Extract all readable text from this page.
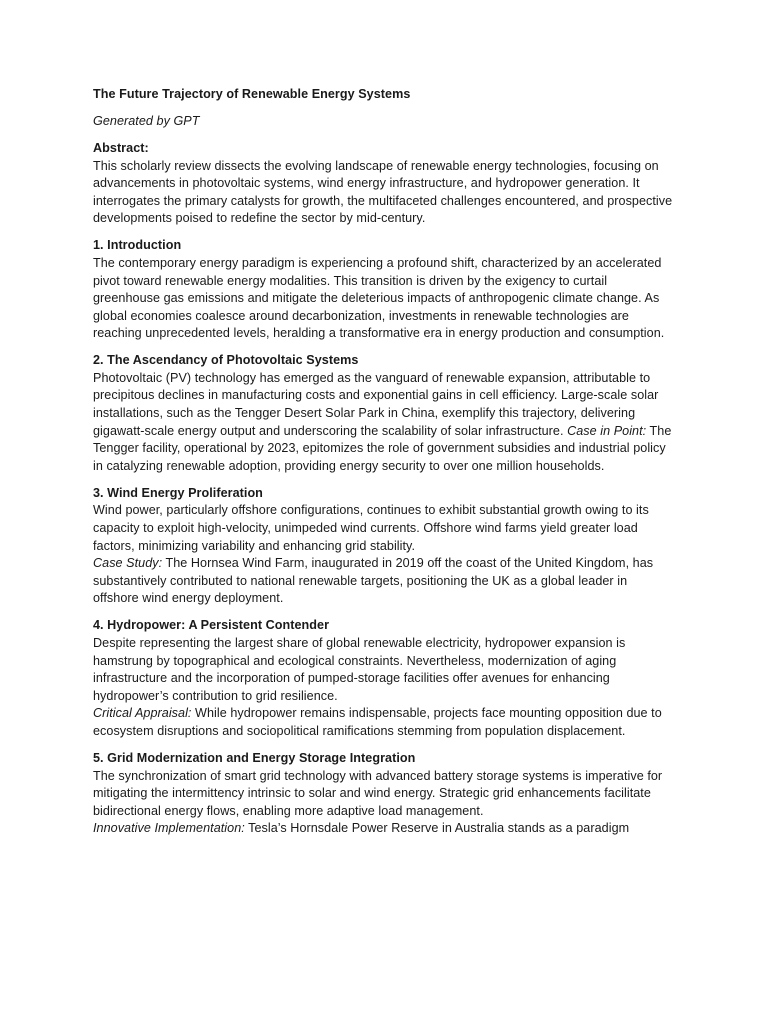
The Future Trajectory of Renewable Energy Systems
Generated by GPT
Abstract:

This scholarly review dissects the evolving landscape of renewable energy technologies, focusing on advancements in photovoltaic systems, wind energy infrastructure, and hydropower generation. It interrogates the primary catalysts for growth, the multifaceted challenges encountered, and prospective developments poised to redefine the sector by mid-century.

1. Introduction

The contemporary energy paradigm is experiencing a profound shift, characterized by an accelerated pivot toward renewable energy modalities. This transition is driven by the exigency to curtail greenhouse gas emissions and mitigate the deleterious impacts of anthropogenic climate change. As global economies coalesce around decarbonization, investments in renewable technologies are reaching unprecedented levels, heralding a transformative era in energy production and consumption.

2. The Ascendancy of Photovoltaic Systems

Photovoltaic (PV) technology has emerged as the vanguard of renewable expansion, attributable to precipitous declines in manufacturing costs and exponential gains in cell efficiency. Large-scale solar installations, such as the Tengger Desert Solar Park in China, exemplify this trajectory, delivering gigawatt-scale energy output and underscoring the scalability of solar infrastructure. Case in Point: The Tengger facility, operational by 2023, epitomizes the role of government subsidies and industrial policy in catalyzing renewable adoption, providing energy security to over one million households.

3. Wind Energy Proliferation

Wind power, particularly offshore configurations, continues to exhibit substantial growth owing to its capacity to exploit high-velocity, unimpeded wind currents. Offshore wind farms yield greater load factors, minimizing variability and enhancing grid stability.

Case Study: The Hornsea Wind Farm, inaugurated in 2019 off the coast of the United Kingdom, has substantively contributed to national renewable targets, positioning the UK as a global leader in offshore wind energy deployment.

4. Hydropower: A Persistent Contender

Despite representing the largest share of global renewable electricity, hydropower expansion is hamstrung by topographical and ecological constraints. Nevertheless, modernization of aging infrastructure and the incorporation of pumped-storage facilities offer avenues for enhancing hydropower’s contribution to grid resilience.

Critical Appraisal: While hydropower remains indispensable, projects face mounting opposition due to ecosystem disruptions and sociopolitical ramifications stemming from population displacement.

5. Grid Modernization and Energy Storage Integration

The synchronization of smart grid technology with advanced battery storage systems is imperative for mitigating the intermittency intrinsic to solar and wind energy. Strategic grid enhancements facilitate bidirectional energy flows, enabling more adaptive load management.

Innovative Implementation: Tesla’s Hornsdale Power Reserve in Australia stands as a paradigm
